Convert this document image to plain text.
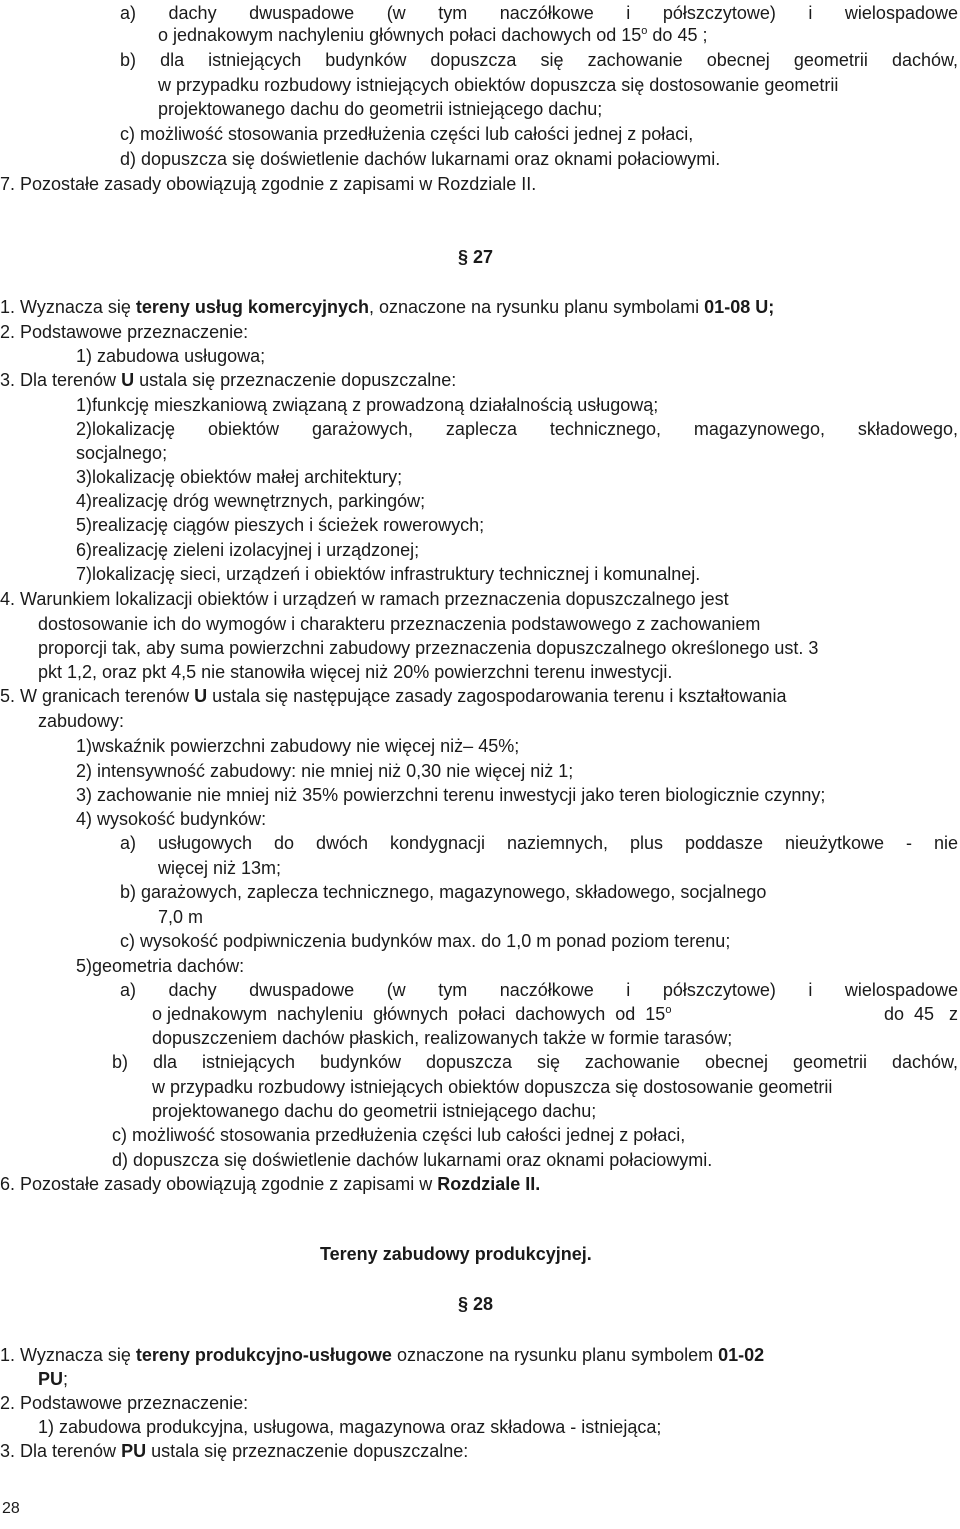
a) dachy dwuspadowe (w tym naczółkowe i półszczytowe) i wielospadowe
o jednakowym nachyleniu głównych połaci dachowych od 15$^o$ do 45 ;
b) dla istniejących budynków dopuszcza się zachowanie obecnej geometrii dachów,
w przypadku rozbudowy istniejących obiektów dopuszcza się dostosowanie geometrii
projektowanego dachu do geometrii istniejącego dachu;
c) możliwość stosowania przedłużenia części lub całości jednej z połaci,
d) dopuszcza się doświetlenie dachów lukarnami oraz oknami połaciowymi.
7. Pozostałe zasady obowiązują zgodnie z zapisami w Rozdziale II.
§ 27
1. Wyznacza się tereny usług komercyjnych, oznaczone na rysunku planu symbolami 01-08 U;
2. Podstawowe przeznaczenie:
1) zabudowa usługowa;
3. Dla terenów U ustala się przeznaczenie dopuszczalne:
1)funkcję mieszkaniową związaną z prowadzoną działalnością usługową;
2)lokalizację obiektów garażowych, zaplecza technicznego, magazynowego, składowego,
socjalnego;
3)lokalizację obiektów małej architektury;
4)realizację dróg wewnętrznych, parkingów;
5)realizację ciągów pieszych i ścieżek rowerowych;
6)realizację zieleni izolacyjnej i urządzonej;
7)lokalizację sieci, urządzeń i obiektów infrastruktury technicznej i komunalnej.
4. Warunkiem lokalizacji obiektów i urządzeń w ramach przeznaczenia dopuszczalnego jest
dostosowanie ich do wymogów i charakteru przeznaczenia podstawowego z zachowaniem
proporcji tak, aby suma powierzchni zabudowy przeznaczenia dopuszczalnego określonego ust. 3
pkt 1,2, oraz pkt 4,5 nie stanowiła więcej niż 20% powierzchni terenu inwestycji.
5. W granicach terenów U ustala się następujące zasady zagospodarowania terenu i kształtowania
zabudowy:
1)wskaźnik powierzchni zabudowy nie więcej niż– 45%;
2) intensywność zabudowy: nie mniej niż 0,30 nie więcej niż 1;
3) zachowanie nie mniej niż 35% powierzchni terenu inwestycji jako teren biologicznie czynny;
4) wysokość budynków:
a) usługowych do dwóch kondygnacji naziemnych, plus poddasze nieużytkowe - nie
więcej niż 13m;
b) garażowych, zaplecza technicznego, magazynowego, składowego, socjalnego
7,0 m
c) wysokość podpiwniczenia budynków max. do 1,0 m ponad poziom terenu;
5)geometria dachów:
a) dachy dwuspadowe (w tym naczółkowe i półszczytowe) i wielospadowe
o jednakowym  nachyleniu  głównych  połaci  dachowych  od  15$^o$	do  45   z
dopuszczeniem dachów płaskich, realizowanych także w formie tarasów;
b) dla istniejących budynków dopuszcza się zachowanie obecnej geometrii dachów,
w przypadku rozbudowy istniejących obiektów dopuszcza się dostosowanie geometrii
projektowanego dachu do geometrii istniejącego dachu;
c) możliwość stosowania przedłużenia części lub całości jednej z połaci,
d) dopuszcza się doświetlenie dachów lukarnami oraz oknami połaciowymi.
6. Pozostałe zasady obowiązują zgodnie z zapisami w Rozdziale II.
Tereny zabudowy produkcyjnej.
§ 28
1. Wyznacza się tereny produkcyjno-usługowe oznaczone na rysunku planu symbolem 01-02
PU;
2. Podstawowe przeznaczenie:
1) zabudowa produkcyjna, usługowa, magazynowa oraz składowa - istniejąca;
3. Dla terenów PU ustala się przeznaczenie dopuszczalne:
28
